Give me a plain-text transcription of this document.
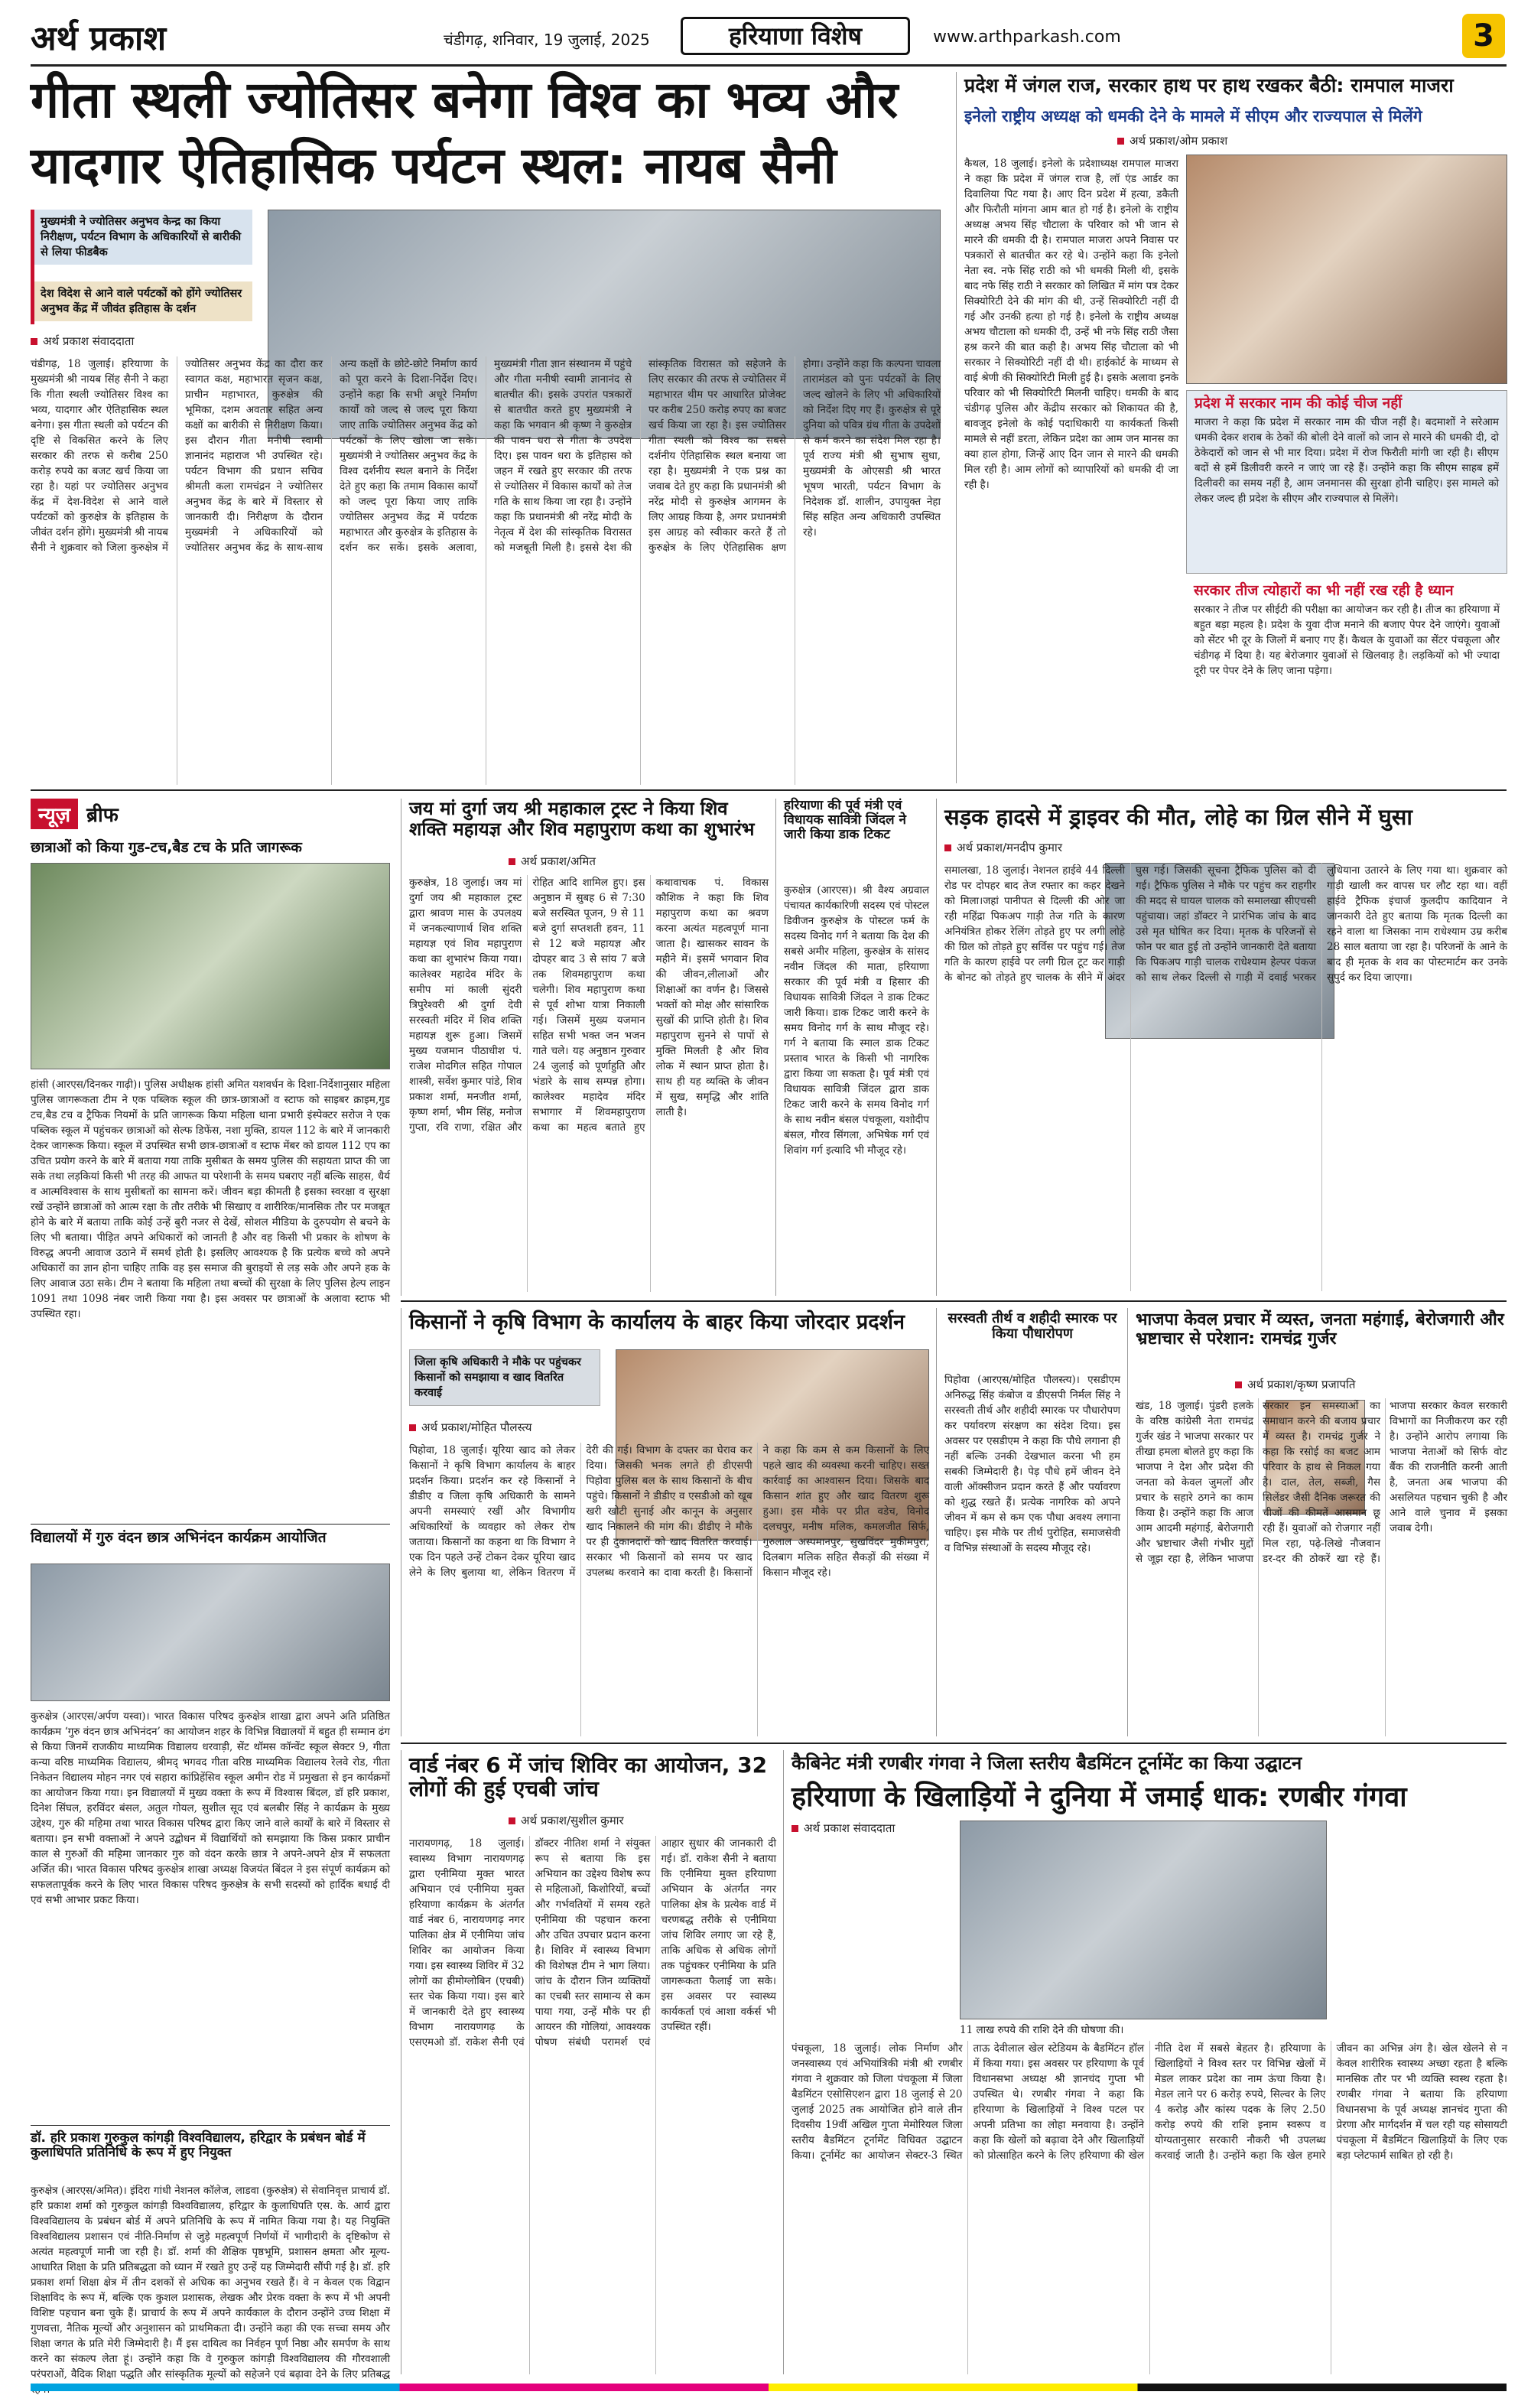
अर्थ प्रकाश	चंडीगढ़, शनिवार, 19 जुलाई, 2025	हरियाणा विशेष	www.arthparkash.com	3
गीता स्थली ज्योतिसर बनेगा विश्व का भव्य और
यादगार ऐतिहासिक पर्यटन स्थल: नायब सैनी
मुख्यमंत्री ने ज्योतिसर अनुभव केन्द्र का किया निरीक्षण, पर्यटन विभाग के अधिकारियों से बारीकी से लिया फीडबैक
देश विदेश से आने वाले पर्यटकों को होंगे ज्योतिसर अनुभव केंद्र में जीवंत इतिहास के दर्शन
अर्थ प्रकाश संवाददाता
चंडीगढ़, 18 जुलाई। हरियाणा के मुख्यमंत्री श्री नायब सिंह सैनी ने कहा कि गीता स्थली ज्योतिसर विश्व का भव्य, यादगार और ऐतिहासिक स्थल बनेगा। इस गीता स्थली को पर्यटन की दृष्टि से विकसित करने के लिए सरकार की तरफ से करीब 250 करोड़ रुपये का बजट खर्च किया जा रहा है। यहां पर ज्योतिसर अनुभव केंद्र में देश-विदेश से आने वाले पर्यटकों को कुरुक्षेत्र के इतिहास के जीवंत दर्शन होंगे। मुख्यमंत्री श्री नायब सैनी ने शुक्रवार को जिला कुरुक्षेत्र में ज्योतिसर अनुभव केंद्र का दौरा कर स्वागत कक्ष, महाभारत सृजन कक्ष, प्राचीन महाभारत, कुरुक्षेत्र की भूमिका, दशम अवतार सहित अन्य कक्षों का बारीकी से निरीक्षण किया। इस दौरान गीता मनीषी स्वामी ज्ञानानंद महाराज भी उपस्थित रहे। पर्यटन विभाग की प्रधान सचिव श्रीमती कला रामचंद्रन ने ज्योतिसर अनुभव केंद्र के बारे में विस्तार से जानकारी दी। निरीक्षण के दौरान मुख्यमंत्री ने अधिकारियों को ज्योतिसर अनुभव केंद्र के साथ-साथ अन्य कक्षों के छोटे-छोटे निर्माण कार्य को पूरा करने के दिशा-निर्देश दिए। उन्होंने कहा कि सभी अधूरे निर्माण कार्यों को जल्द से जल्द पूरा किया जाए ताकि ज्योतिसर अनुभव केंद्र को पर्यटकों के लिए खोला जा सके। मुख्यमंत्री ने ज्योतिसर अनुभव केंद्र के विश्व दर्शनीय स्थल बनाने के निर्देश देते हुए कहा कि तमाम विकास कार्यों को जल्द पूरा किया जाए ताकि ज्योतिसर अनुभव केंद्र में पर्यटक महाभारत और कुरुक्षेत्र के इतिहास के दर्शन कर सकें। इसके अलावा, मुख्यमंत्री गीता ज्ञान संस्थानम में पहुंचे और गीता मनीषी स्वामी ज्ञानानंद से बातचीत की। इसके उपरांत पत्रकारों से बातचीत करते हुए मुख्यमंत्री ने कहा कि भगवान श्री कृष्ण ने कुरुक्षेत्र की पावन धरा से गीता के उपदेश दिए। इस पावन धरा के इतिहास को जहन में रखते हुए सरकार की तरफ से ज्योतिसर में विकास कार्यों को तेज गति के साथ किया जा रहा है। उन्होंने कहा कि प्रधानमंत्री श्री नरेंद्र मोदी के नेतृत्व में देश की सांस्कृतिक विरासत को मजबूती मिली है। इससे देश की सांस्कृतिक विरासत को सहेजने के लिए सरकार की तरफ से ज्योतिसर में महाभारत थीम पर आधारित प्रोजेक्ट पर करीब 250 करोड़ रुपए का बजट खर्च किया जा रहा है। इस ज्योतिसर गीता स्थली को विश्व का सबसे दर्शनीय ऐतिहासिक स्थल बनाया जा रहा है। मुख्यमंत्री ने एक प्रश्न का जवाब देते हुए कहा कि प्रधानमंत्री श्री नरेंद्र मोदी से कुरुक्षेत्र आगमन के लिए आग्रह किया है, अगर प्रधानमंत्री इस आग्रह को स्वीकार करते हैं तो कुरुक्षेत्र के लिए ऐतिहासिक क्षण होगा। उन्होंने कहा कि कल्पना चावला तारामंडल को पुनः पर्यटकों के लिए जल्द खोलने के लिए भी अधिकारियों को निर्देश दिए गए हैं। कुरुक्षेत्र से पूरे दुनिया को पवित्र ग्रंथ गीता के उपदेशों से कर्म करने का संदेश मिल रहा है। पूर्व राज्य मंत्री श्री सुभाष सुधा, मुख्यमंत्री के ओएसडी श्री भारत भूषण भारती, पर्यटन विभाग के निदेशक डॉ. शालीन, उपायुक्त नेहा सिंह सहित अन्य अधिकारी उपस्थित रहे।
प्रदेश में जंगल राज, सरकार हाथ पर हाथ रखकर बैठी: रामपाल माजरा
इनेलो राष्ट्रीय अध्यक्ष को धमकी देने के मामले में सीएम और राज्यपाल से मिलेंगे
अर्थ प्रकाश/ओम प्रकाश
कैथल, 18 जुलाई। इनेलो के प्रदेशाध्यक्ष रामपाल माजरा ने कहा कि प्रदेश में जंगल राज है, लॉ एंड आर्डर का दिवालिया पिट गया है। आए दिन प्रदेश में हत्या, डकैती और फिरौती मांगना आम बात हो गई है। इनेलो के राष्ट्रीय अध्यक्ष अभय सिंह चौटाला के परिवार को भी जान से मारने की धमकी दी है। रामपाल माजरा अपने निवास पर पत्रकारों से बातचीत कर रहे थे। उन्होंने कहा कि इनेलो नेता स्व. नफे सिंह राठी को भी धमकी मिली थी, इसके बाद नफे सिंह राठी ने सरकार को लिखित में मांग पत्र देकर सिक्योरिटी देने की मांग की थी, उन्हें सिक्योरिटी नहीं दी गई और उनकी हत्या हो गई है। इनेलो के राष्ट्रीय अध्यक्ष अभय चौटाला को धमकी दी, उन्हें भी नफे सिंह राठी जैसा हश्र करने की बात कही है। अभय सिंह चौटाला को भी सरकार ने सिक्योरिटी नहीं दी थी। हाईकोर्ट के माध्यम से वाई श्रेणी की सिक्योरिटी मिली हुई है। इसके अलावा इनके परिवार को भी सिक्योरिटी मिलनी चाहिए। धमकी के बाद चंडीगढ़ पुलिस और केंद्रीय सरकार को शिकायत की है, बावजूद इनेलो के कोई पदाधिकारी या कार्यकर्ता किसी मामले से नहीं डरता, लेकिन प्रदेश का आम जन मानस का क्या हाल होगा, जिन्हें आए दिन जान से मारने की धमकी मिल रही है। आम लोगों को व्यापारियों को धमकी दी जा रही है।
प्रदेश में सरकार नाम की कोई चीज नहीं
माजरा ने कहा कि प्रदेश में सरकार नाम की चीज नहीं है। बदमाशों ने सरेआम धमकी देकर शराब के ठेकों की बोली देने वालों को जान से मारने की धमकी दी, दो ठेकेदारों को जान से भी मार दिया। प्रदेश में रोज फिरौती मांगी जा रही है। सीएम बदों से हमें डिलीवरी करने न जाएं जा रहे हैं। उन्होंने कहा कि सीएम साहब हमें दिलीवरी का समय नहीं है, आम जनमानस की सुरक्षा होनी चाहिए। इस मामले को लेकर जल्द ही प्रदेश के सीएम और राज्यपाल से मिलेंगे।
सरकार तीज त्योहारों का भी नहीं रख रही है ध्यान
सरकार ने तीज पर सीईटी की परीक्षा का आयोजन कर रही है। तीज का हरियाणा में बहुत बड़ा महत्व है। प्रदेश के युवा दीज मनाने की बजाए पेपर देने जाएंगे। युवाओं को सेंटर भी दूर के जिलों में बनाए गए हैं। कैथल के युवाओं का सेंटर पंचकूला और चंडीगढ़ में दिया है। यह बेरोजगार युवाओं से खिलवाड़ है। लड़कियों को भी ज्यादा दूरी पर पेपर देने के लिए जाना पड़ेगा।
न्यूज़ ब्रीफ
छात्राओं को किया गुड-टच,बैड टच के प्रति जागरूक
हांसी (आरएस/दिनकर गाढ़ी)। पुलिस अधीक्षक हांसी अमित यशवर्धन के दिशा-निर्देशानुसार महिला पुलिस जागरूकता टीम ने एक पब्लिक स्कूल की छात्र-छात्राओं व स्टाफ को साइबर क्राइम,गुड टच,बैड टच व ट्रैफिक नियमों के प्रति जागरूक किया महिला थाना प्रभारी इंस्पेक्टर सरोज ने एक पब्लिक स्कूल में पहुंचकर छात्राओं को सेल्फ डिफेंस, नशा मुक्ति, डायल 112 के बारे में जानकारी देकर जागरूक किया। स्कूल में उपस्थित सभी छात्र-छात्राओं व स्टाफ मेंबर को डायल 112 एप का उचित प्रयोग करने के बारे में बताया गया ताकि मुसीबत के समय पुलिस की सहायता प्राप्त की जा सके तथा लड़कियां किसी भी तरह की आफत या परेशानी के समय घबराए नहीं बल्कि साहस, धैर्य व आत्मविश्वास के साथ मुसीबतों का सामना करें। जीवन बड़ा कीमती है इसका स्वरक्षा व सुरक्षा रखें उन्होंने छात्राओं को आत्म रक्षा के तौर तरीके भी सिखाए व शारीरिक/मानसिक तौर पर मजबूत होने के बारे में बताया ताकि कोई उन्हें बुरी नजर से देखें, सोशल मीडिया के दुरुपयोग से बचने के लिए भी बताया। पीड़ित अपने अधिकारों को जानती है और वह किसी भी प्रकार के शोषण के विरुद्ध अपनी आवाज उठाने में समर्थ होती है। इसलिए आवश्यक है कि प्रत्येक बच्चे को अपने अधिकारों का ज्ञान होना चाहिए ताकि वह इस समाज की बुराइयों से लड़ सके और अपने हक के लिए आवाज उठा सके। टीम ने बताया कि महिला तथा बच्चों की सुरक्षा के लिए पुलिस हेल्प लाइन 1091 तथा 1098 नंबर जारी किया गया है। इस अवसर पर छात्राओं के अलावा स्टाफ भी उपस्थित रहा।
विद्यालयों में गुरु वंदन छात्र अभिनंदन कार्यक्रम आयोजित
कुरुक्षेत्र (आरएस/अर्पण यस्वा)। भारत विकास परिषद कुरुक्षेत्र शाखा द्वारा अपने अति प्रतिष्ठित कार्यक्रम ‘गुरु वंदन छात्र अभिनंदन’ का आयोजन शहर के विभिन्न विद्यालयों में बहुत ही सम्मान ढंग से किया जिनमें राजकीय माध्यमिक विद्यालय धरवाड़ी, सेंट थॉमस कॉन्वेंट स्कूल सेक्टर 9, गीता कन्या वरिष्ठ माध्यमिक विद्यालय, श्रीमद् भगवद गीता वरिष्ठ माध्यमिक विद्यालय रेलवे रोड, गीता निकेतन विद्यालय मोहन नगर एवं सहारा कांप्रिहेंसिव स्कूल अमीन रोड में प्रमुखता से इन कार्यक्रमों का आयोजन किया गया। इन विद्यालयों में मुख्य वक्ता के रूप में विश्वास बिंदल, डॉ हरि प्रकाश, दिनेश सिंघल, हरविंदर बंसल, अतुल गोयल, सुशील सूद एवं बलबीर सिंह ने कार्यक्रम के मुख्य उद्देश्य, गुरु की महिमा तथा भारत विकास परिषद द्वारा किए जाने वाले कार्यों के बारे में विस्तार से बताया। इन सभी वक्ताओं ने अपने उद्बोधन में विद्यार्थियों को समझाया कि किस प्रकार प्राचीन काल से गुरुओं की महिमा जानकार गुरु को वंदन करके छात्र ने अपने-अपने क्षेत्र में सफलता अर्जित की। भारत विकास परिषद कुरुक्षेत्र शाखा अध्यक्ष विजयंत बिंदल ने इस संपूर्ण कार्यक्रम को सफलतापूर्वक करने के लिए भारत विकास परिषद कुरुक्षेत्र के सभी सदस्यों को हार्दिक बधाई दी एवं सभी आभार प्रकट किया।
डॉ. हरि प्रकाश गुरुकुल कांगड़ी विश्वविद्यालय, हरिद्वार के प्रबंधन बोर्ड में कुलाधिपति प्रतिनिधि के रूप में हुए नियुक्त
कुरुक्षेत्र (आरएस/अमित)। इंदिरा गांधी नेशनल कॉलेज, लाडवा (कुरुक्षेत्र) से सेवानिवृत्त प्राचार्य डॉ. हरि प्रकाश शर्मा को गुरुकुल कांगड़ी विश्वविद्यालय, हरिद्वार के कुलाधिपति एस. के. आर्य द्वारा विश्वविद्यालय के प्रबंधन बोर्ड में अपने प्रतिनिधि के रूप में नामित किया गया है। यह नियुक्ति विश्वविद्यालय प्रशासन एवं नीति-निर्माण से जुड़े महत्वपूर्ण निर्णयों में भागीदारी के दृष्टिकोण से अत्यंत महत्वपूर्ण मानी जा रही है। डॉ. शर्मा की शैक्षिक पृष्ठभूमि, प्रशासन क्षमता और मूल्य-आधारित शिक्षा के प्रति प्रतिबद्धता को ध्यान में रखते हुए उन्हें यह जिम्मेदारी सौंपी गई है। डॉ. हरि प्रकाश शर्मा शिक्षा क्षेत्र में तीन दशकों से अधिक का अनुभव रखते हैं। वे न केवल एक विद्वान शिक्षाविद के रूप में, बल्कि एक कुशल प्रशासक, लेखक और प्रेरक वक्ता के रूप में भी अपनी विशिष्ट पहचान बना चुके हैं। प्राचार्य के रूप में अपने कार्यकाल के दौरान उन्होंने उच्च शिक्षा में गुणवत्ता, नैतिक मूल्यों और अनुशासन को प्राथमिकता दी। उन्होंने कहा की एक सच्चा समय और शिक्षा जगत के प्रति मेरी जिम्मेदारी है। मैं इस दायित्व का निर्वहन पूर्ण निष्ठा और समर्पण के साथ करने का संकल्प लेता हूं। उन्होंने कहा कि वे गुरुकुल कांगड़ी विश्वविद्यालय की गौरवशाली परंपराओं, वैदिक शिक्षा पद्धति और सांस्कृतिक मूल्यों को सहेजने एवं बढ़ावा देने के लिए प्रतिबद्ध
जय मां दुर्गा जय श्री महाकाल ट्रस्ट ने किया शिव शक्ति महायज्ञ और शिव महापुराण कथा का शुभारंभ
अर्थ प्रकाश/अमित
कुरुक्षेत्र, 18 जुलाई। जय मां दुर्गा जय श्री महाकाल ट्रस्ट द्वारा श्रावण मास के उपलक्ष्य में जनकल्याणार्थ शिव शक्ति महायज्ञ एवं शिव महापुराण कथा का शुभारंभ किया गया। कालेश्वर महादेव मंदिर के समीप मां काली सुंदरी त्रिपुरेश्वरी श्री दुर्गा देवी सरस्वती मंदिर में शिव शक्ति महायज्ञ शुरू हुआ। जिसमें मुख्य यजमान पीठाधीश पं. राजेश मोदगिल सहित गोपाल शास्त्री, सर्वेश कुमार पांडे, शिव प्रकाश शर्मा, मनजीत शर्मा, कृष्ण शर्मा, भीम सिंह, मनोज गुप्ता, रवि राणा, रक्षित और रोहित आदि शामिल हुए। इस अनुष्ठान में सुबह 6 से 7:30 बजे सरस्वित पूजन, 9 से 11 बजे दुर्गा सप्तशती हवन, 11 से 12 बजे महायज्ञ और दोपहर बाद 3 से सांय 7 बजे तक शिवमहापुराण कथा चलेगी। शिव महापुराण कथा से पूर्व शोभा यात्रा निकाली गई। जिसमें मुख्य यजमान सहित सभी भक्त जन भजन गाते चले। यह अनुष्ठान गुरुवार 24 जुलाई को पूर्णाहुति और भंडारे के साथ सम्पन्न होगा। कालेश्वर महादेव मंदिर सभागार में शिवमहापुराण कथा का महत्व बताते हुए कथावाचक पं. विकास कौशिक ने कहा कि शिव महापुराण कथा का श्रवण करना अत्यंत महत्वपूर्ण माना जाता है। खासकर सावन के महीने में। इसमें भगवान शिव की जीवन,लीलाओं और शिक्षाओं का वर्णन है। जिससे भक्तों को मोक्ष और सांसारिक सुखों की प्राप्ति होती है। शिव महापुराण सुनने से पापों से मुक्ति मिलती है और शिव लोक में स्थान प्राप्त होता है। साथ ही यह व्यक्ति के जीवन में सुख, समृद्धि और शांति लाती है।
हरियाणा की पूर्व मंत्री एवं विधायक सावित्री जिंदल ने जारी किया डाक टिकट
कुरुक्षेत्र (आरएस)। श्री वैश्य अग्रवाल पंचायत कार्यकारिणी सदस्य एवं पोस्टल डिवीजन कुरुक्षेत्र के पोस्टल फर्म के सदस्य विनोद गर्ग ने बताया कि देश की सबसे अमीर महिला, कुरुक्षेत्र के सांसद नवीन जिंदल की माता, हरियाणा सरकार की पूर्व मंत्री व हिसार की विधायक सावित्री जिंदल ने डाक टिकट जारी किया। डाक टिकट जारी करने के समय विनोद गर्ग के साथ मौजूद रहे। गर्ग ने बताया कि स्माल डाक टिकट प्रस्ताव भारत के किसी भी नागरिक द्वारा किया जा सकता है। पूर्व मंत्री एवं विधायक सावित्री जिंदल द्वारा डाक टिकट जारी करने के समय विनोद गर्ग के साथ नवीन बंसल पंचकूला, यशोदीप बंसल, गौरव सिंगला, अभिषेक गर्ग एवं शिवांग गर्ग इत्यादि भी मौजूद रहे।
सड़क हादसे में ड्राइवर की मौत, लोहे का ग्रिल सीने में घुसा
अर्थ प्रकाश/मनदीप कुमार
समालखा, 18 जुलाई। नेशनल हाईवे 44 दिल्ली रोड पर दोपहर बाद तेज रफ्तार का कहर देखने को मिला।जहां पानीपत से दिल्ली की ओर जा रही महिंद्रा पिकअप गाड़ी तेज गति के कारण अनियंत्रित होकर रेलिंग तोड़ते हुए पर लगी लोहे की ग्रिल को तोड़ते हुए सर्विस पर पहुंच गई। तेज गति के कारण हाईवे पर लगी ग्रिल टूट कर गाड़ी के बोनट को तोड़ते हुए चालक के सीने में अंदर घुस गई। जिसकी सूचना ट्रैफिक पुलिस को दी गई। ट्रैफिक पुलिस ने मौके पर पहुंच कर राहगीर की मदद से घायल चालक को समालखा सीएचसी पहुंचाया। जहां डॉक्टर ने प्रारंभिक जांच के बाद उसे मृत घोषित कर दिया। मृतक के परिजनों से फोन पर बात हुई तो उन्होंने जानकारी देते बताया कि पिकअप गाड़ी चालक राधेश्याम हेल्पर पंकज को साथ लेकर दिल्ली से गाड़ी में दवाई भरकर लुधियाना उतारने के लिए गया था। शुक्रवार को गाड़ी खाली कर वापस घर लौट रहा था। वहीं हाईवे ट्रैफिक इंचार्ज कुलदीप कादियान ने जानकारी देते हुए बताया कि मृतक दिल्ली का रहने वाला था जिसका नाम राधेश्याम उम्र करीब 28 साल बताया जा रहा है। परिजनों के आने के बाद ही मृतक के शव का पोस्टमार्टम कर उनके सुपुर्द कर दिया जाएगा।
किसानों ने कृषि विभाग के कार्यालय के बाहर किया जोरदार प्रदर्शन
जिला कृषि अधिकारी ने मौके पर पहुंचकर किसानों को समझाया व खाद वितरित करवाई
अर्थ प्रकाश/मोहित पौलस्त्य
पिहोवा, 18 जुलाई। यूरिया खाद को लेकर किसानों ने कृषि विभाग कार्यालय के बाहर प्रदर्शन किया। प्रदर्शन कर रहे किसानों ने डीडीए व जिला कृषि अधिकारी के सामने अपनी समस्याएं रखीं और विभागीय अधिकारियों के व्यवहार को लेकर रोष जताया। किसानों का कहना था कि विभाग ने एक दिन पहले उन्हें टोकन देकर यूरिया खाद लेने के लिए बुलाया था, लेकिन वितरण में देरी की गई। विभाग के दफ्तर का घेराव कर दिया। जिसकी भनक लगते ही डीएसपी पिहोवा पुलिस बल के साथ किसानों के बीच पहुंचे। किसानों ने डीडीए व एसडीओ को खूब खरी खोटी सुनाई और कानून के अनुसार खाद निकालने की मांग की। डीडीए ने मौके पर ही दुकानदारों को खाद वितरित करवाई। सरकार भी किसानों को समय पर खाद उपलब्ध करवाने का दावा करती है। किसानों ने कहा कि कम से कम किसानों के लिए पहले खाद की व्यवस्था करनी चाहिए। सख्त कार्रवाई का आश्वासन दिया। जिसके बाद किसान शांत हुए और खाद वितरण शुरू हुआ। इस मौके पर प्रीत वडेच, विनोद दलचपुर, मनीष मलिक, कमलजीत सिर्फ, गुरुलाल अस्पमानपुर, सुखविंदर मुकीमपुरा, दिलबाग मलिक सहित सैकड़ों की संख्या में किसान मौजूद रहे।
सरस्वती तीर्थ व शहीदी स्मारक पर किया पौधारोपण
पिहोवा (आरएस/मोहित पौलस्त्य)। एसडीएम अनिरुद्ध सिंह कंबोज व डीएसपी निर्मल सिंह ने सरस्वती तीर्थ और शहीदी स्मारक पर पौधारोपण कर पर्यावरण संरक्षण का संदेश दिया। इस अवसर पर एसडीएम ने कहा कि पौधे लगाना ही नहीं बल्कि उनकी देखभाल करना भी हम सबकी जिम्मेदारी है। पेड़ पौधे हमें जीवन देने वाली ऑक्सीजन प्रदान करते हैं और पर्यावरण को शुद्ध रखते हैं। प्रत्येक नागरिक को अपने जीवन में कम से कम एक पौधा अवश्य लगाना चाहिए। इस मौके पर तीर्थ पुरोहित, समाजसेवी व विभिन्न संस्थाओं के सदस्य मौजूद रहे।
भाजपा केवल प्रचार में व्यस्त, जनता महंगाई, बेरोजगारी और भ्रष्टाचार से परेशान: रामचंद्र गुर्जर
अर्थ प्रकाश/कृष्ण प्रजापति
खंड, 18 जुलाई। पुंडरी हलके के वरिष्ठ कांग्रेसी नेता रामचंद्र गुर्जर खंड ने भाजपा सरकार पर तीखा हमला बोलते हुए कहा कि भाजपा ने देश और प्रदेश की जनता को केवल जुमलों और प्रचार के सहारे ठगने का काम किया है। उन्होंने कहा कि आज आम आदमी महंगाई, बेरोजगारी और भ्रष्टाचार जैसी गंभीर मुद्दों से जूझ रहा है, लेकिन भाजपा सरकार इन समस्याओं का समाधान करने की बजाय प्रचार में व्यस्त है। रामचंद्र गुर्जर ने कहा कि रसोई का बजट आम परिवार के हाथ से निकल गया है। दाल, तेल, सब्जी, गैस सिलेंडर जैसी दैनिक जरूरत की चीजों की कीमतें आसमान छू रही हैं। युवाओं को रोजगार नहीं मिल रहा, पढ़े-लिखे नौजवान डर-दर की ठोकरें खा रहे हैं। भाजपा सरकार केवल सरकारी विभागों का निजीकरण कर रही है। उन्होंने आरोप लगाया कि भाजपा नेताओं को सिर्फ वोट बैंक की राजनीति करनी आती है, जनता अब भाजपा की असलियत पहचान चुकी है और आने वाले चुनाव में इसका जवाब देगी।
वार्ड नंबर 6 में जांच शिविर का आयोजन, 32 लोगों की हुई एचबी जांच
अर्थ प्रकाश/सुशील कुमार
नारायणगढ़, 18 जुलाई। स्वास्थ्य विभाग नारायणगढ़ द्वारा एनीमिया मुक्त भारत अभियान एवं एनीमिया मुक्त हरियाणा कार्यक्रम के अंतर्गत वार्ड नंबर 6, नारायणगढ़ नगर पालिका क्षेत्र में एनीमिया जांच शिविर का आयोजन किया गया। इस स्वास्थ्य शिविर में 32 लोगों का हीमोग्लोबिन (एचबी) स्तर चेक किया गया। इस बारे में जानकारी देते हुए स्वास्थ्य विभाग नारायणगढ़ के एसएमओ डॉ. राकेश सैनी एवं डॉक्टर नीतिश शर्मा ने संयुक्त रूप से बताया कि इस अभियान का उद्देश्य विशेष रूप से महिलाओं, किशोरियों, बच्चों और गर्भवतियों में समय रहते एनीमिया की पहचान करना और उचित उपचार प्रदान करना है। शिविर में स्वास्थ्य विभाग की विशेषज्ञ टीम ने भाग लिया। जांच के दौरान जिन व्यक्तियों का एचबी स्तर सामान्य से कम पाया गया, उन्हें मौके पर ही आयरन की गोलियां, आवश्यक पोषण संबंधी परामर्श एवं आहार सुधार की जानकारी दी गई। डॉ. राकेश सैनी ने बताया कि एनीमिया मुक्त हरियाणा अभियान के अंतर्गत नगर पालिका क्षेत्र के प्रत्येक वार्ड में चरणबद्ध तरीके से एनीमिया जांच शिविर लगाए जा रहे हैं, ताकि अधिक से अधिक लोगों तक पहुंचकर एनीमिया के प्रति जागरूकता फैलाई जा सके। इस अवसर पर स्वास्थ्य कार्यकर्ता एवं आशा वर्कर्स भी उपस्थित रहीं।
कैबिनेट मंत्री रणबीर गंगवा ने जिला स्तरीय बैडमिंटन टूर्नामेंट का किया उद्घाटन
हरियाणा के खिलाड़ियों ने दुनिया में जमाई धाक: रणबीर गंगवा
अर्थ प्रकाश संवाददाता
11 लाख रुपये की राशि देने की घोषणा की।
पंचकूला, 18 जुलाई। लोक निर्माण और जनस्वास्थ्य एवं अभियांत्रिकी मंत्री श्री रणबीर गंगवा ने शुक्रवार को जिला पंचकूला में जिला बैडमिंटन एसोसिएशन द्वारा 18 जुलाई से 20 जुलाई 2025 तक आयोजित होने वाले तीन दिवसीय 19वीं अखिल गुप्ता मेमोरियल जिला स्तरीय बैडमिंटन टूर्नामेंट विधिवत उद्घाटन किया। टूर्नामेंट का आयोजन सेक्टर-3 स्थित ताऊ देवीलाल खेल स्टेडियम के बैडमिंटन हॉल में किया गया। इस अवसर पर हरियाणा के पूर्व विधानसभा अध्यक्ष श्री ज्ञानचंद गुप्ता भी उपस्थित थे। रणबीर गंगवा ने कहा कि हरियाणा के खिलाड़ियों ने विश्व पटल पर अपनी प्रतिभा का लोहा मनवाया है। उन्होंने कहा कि खेलों को बढ़ावा देने और खिलाड़ियों को प्रोत्साहित करने के लिए हरियाणा की खेल नीति देश में सबसे बेहतर है। हरियाणा के खिलाड़ियों ने विश्व स्तर पर विभिन्न खेलों में मेडल लाकर प्रदेश का नाम ऊंचा किया है। मेडल लाने पर 6 करोड़ रुपये, सिल्वर के लिए 4 करोड़ और कांस्य पदक के लिए 2.50 करोड़ रुपये की राशि इनाम स्वरूप व योग्यतानुसार सरकारी नौकरी भी उपलब्ध करवाई जाती है। उन्होंने कहा कि खेल हमारे जीवन का अभिन्न अंग है। खेल खेलने से न केवल शारीरिक स्वास्थ्य अच्छा रहता है बल्कि मानसिक तौर पर भी व्यक्ति स्वस्थ रहता है। रणबीर गंगवा ने बताया कि हरियाणा विधानसभा के पूर्व अध्यक्ष ज्ञानचंद गुप्ता की प्रेरणा और मार्गदर्शन में चल रही यह सोसायटी पंचकूला में बैडमिंटन खिलाड़ियों के लिए एक बड़ा प्लेटफार्म साबित हो रही है।
